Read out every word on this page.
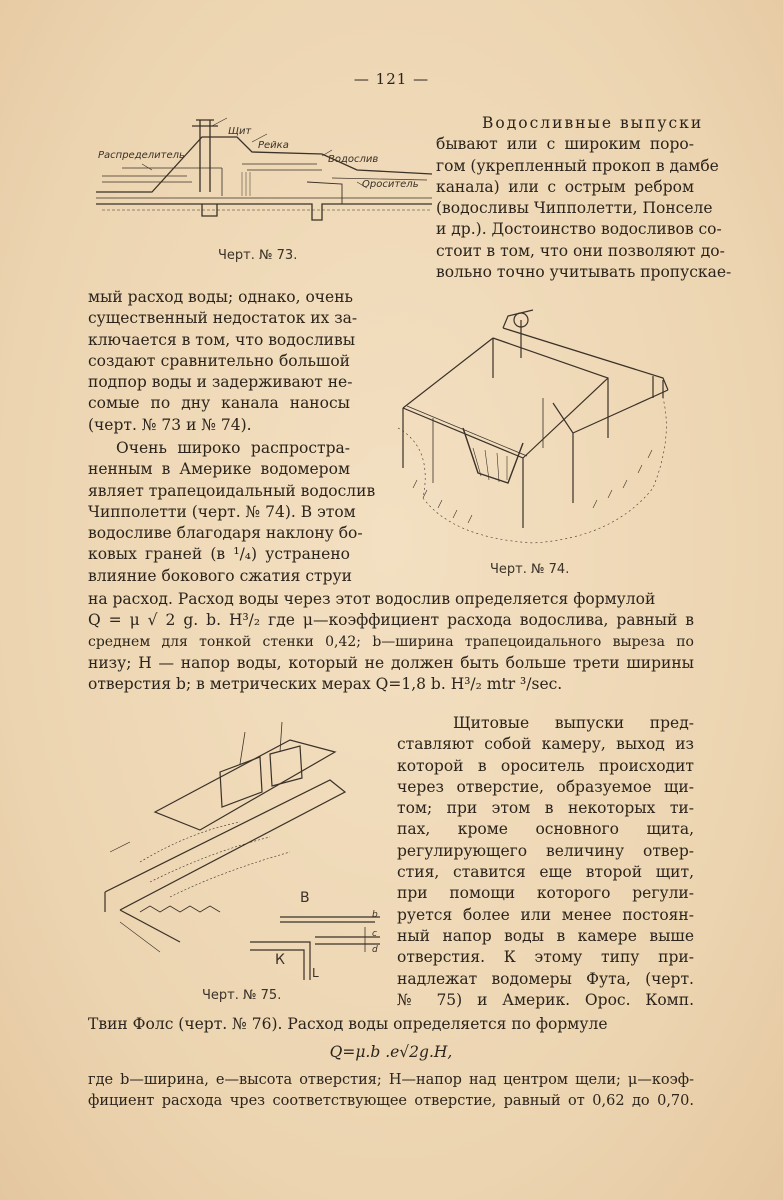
— 121 —
Щит
Рейка
Распределитель	Водослив
Ороситель
Черт. № 73.
Водосливные выпуски
бывают или с широким поро-
гом (укрепленный прокоп в дамбе
канала) или с острым ребром
(водосливы Чипполетти, Понселе
и др.). Достоинство водосливов со-
стоит в том, что они позволяют до-
вольно точно учитывать пропускае-
мый расход воды; однако, очень
существенный недостаток их за-
ключается в том, что водосливы
создают сравнительно большой
подпор воды и задерживают не-
сомые по дну канала наносы
(черт. № 73 и № 74).
Очень широко распростра-
ненным в Америке водомером
являет трапецоидальный водослив
Чипполетти (черт. № 74). В этом
водосливе благодаря наклону бо-
ковых граней (в ¹/₄) устранено
влияние бокового сжатия струи	Черт. № 74.
на расход. Расход воды через этот водослив определяется формулой
Q = μ √ 2 g. b. H³/₂ где μ—коэффициент расхода водослива, равный в
среднем для тонкой стенки 0,42; b—ширина трапецоидального выреза по
низу; H — напор воды, который не должен быть больше трети ширины
отверстия b; в метрических мерах Q=1,8 b. H³/₂ mtr ³/sec.
В
К
L
b
c
d
Черт. № 75.
Щитовые выпуски пред-
ставляют собой камеру, выход из
которой в ороситель происходит
через отверстие, образуемое щи-
том; при этом в некоторых ти-
пах, кроме основного щита,
регулирующего величину отвер-
стия, ставится еще второй щит,
при помощи которого регули-
руется более или менее постоян-
ный напор воды в камере выше
отверстия. К этому типу при-
надлежат водомеры Фута, (черт.
№ 75) и Америк. Орос. Комп.
Твин Фолс (черт. № 76). Расход воды определяется по формуле
Q=μ.b .e√2g.H,
где b—ширина, e—высота отверстия; H—напор над центром щели; μ—коэф-
фициент расхода чрез соответствующее отверстие, равный от 0,62 до 0,70.
